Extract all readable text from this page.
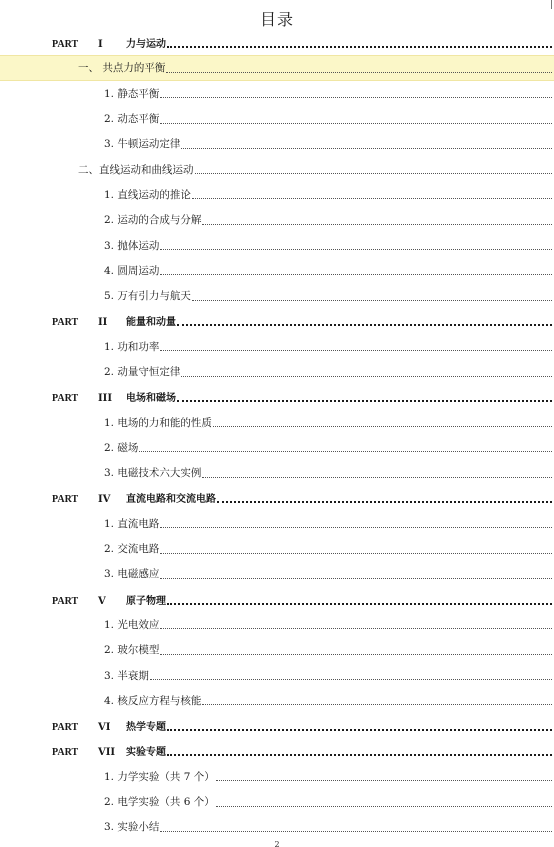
目录
PART I 力与运动
一、 共点力的平衡
1. 静态平衡
2. 动态平衡
3. 牛顿运动定律
二、直线运动和曲线运动
1. 直线运动的推论
2. 运动的合成与分解
3. 抛体运动
4. 圆周运动
5. 万有引力与航天
PART II 能量和动量
1. 功和功率
2. 动量守恒定律
PART III 电场和磁场
1. 电场的力和能的性质
2. 磁场
3. 电磁技术六大实例
PART IV 直流电路和交流电路
1. 直流电路
2. 交流电路
3. 电磁感应
PART V 原子物理
1. 光电效应
2. 玻尔模型
3. 半衰期
4. 核反应方程与核能
PART VI 热学专题
PART VII 实验专题
1. 力学实验（共 7 个）
2. 电学实验（共 6 个）
3. 实验小结
2
